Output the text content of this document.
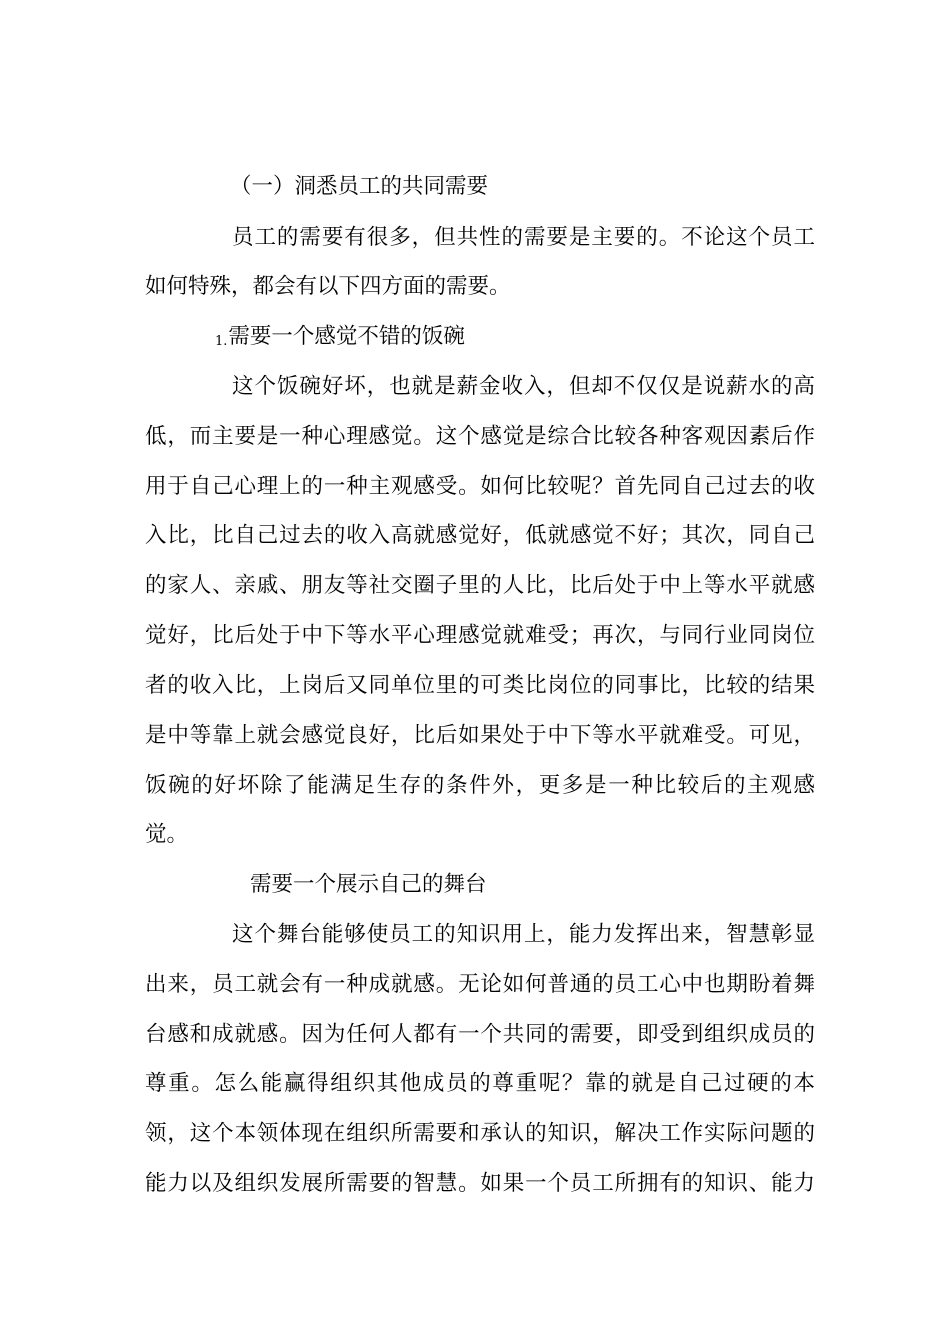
（一）洞悉员工的共同需要
员工的需要有很多，但共性的需要是主要的。不论这个员工
如何特殊，都会有以下四方面的需要。
1.需要一个感觉不错的饭碗
这个饭碗好坏，也就是薪金收入，但却不仅仅是说薪水的高
低，而主要是一种心理感觉。这个感觉是综合比较各种客观因素后作
用于自己心理上的一种主观感受。如何比较呢？首先同自己过去的收
入比，比自己过去的收入高就感觉好，低就感觉不好；其次，同自己
的家人、亲戚、朋友等社交圈子里的人比，比后处于中上等水平就感
觉好，比后处于中下等水平心理感觉就难受；再次，与同行业同岗位
者的收入比，上岗后又同单位里的可类比岗位的同事比，比较的结果
是中等靠上就会感觉良好，比后如果处于中下等水平就难受。可见，
饭碗的好坏除了能满足生存的条件外，更多是一种比较后的主观感
觉。
需要一个展示自己的舞台
这个舞台能够使员工的知识用上，能力发挥出来，智慧彰显
出来，员工就会有一种成就感。无论如何普通的员工心中也期盼着舞
台感和成就感。因为任何人都有一个共同的需要，即受到组织成员的
尊重。怎么能赢得组织其他成员的尊重呢？靠的就是自己过硬的本
领，这个本领体现在组织所需要和承认的知识，解决工作实际问题的
能力以及组织发展所需要的智慧。如果一个员工所拥有的知识、能力
